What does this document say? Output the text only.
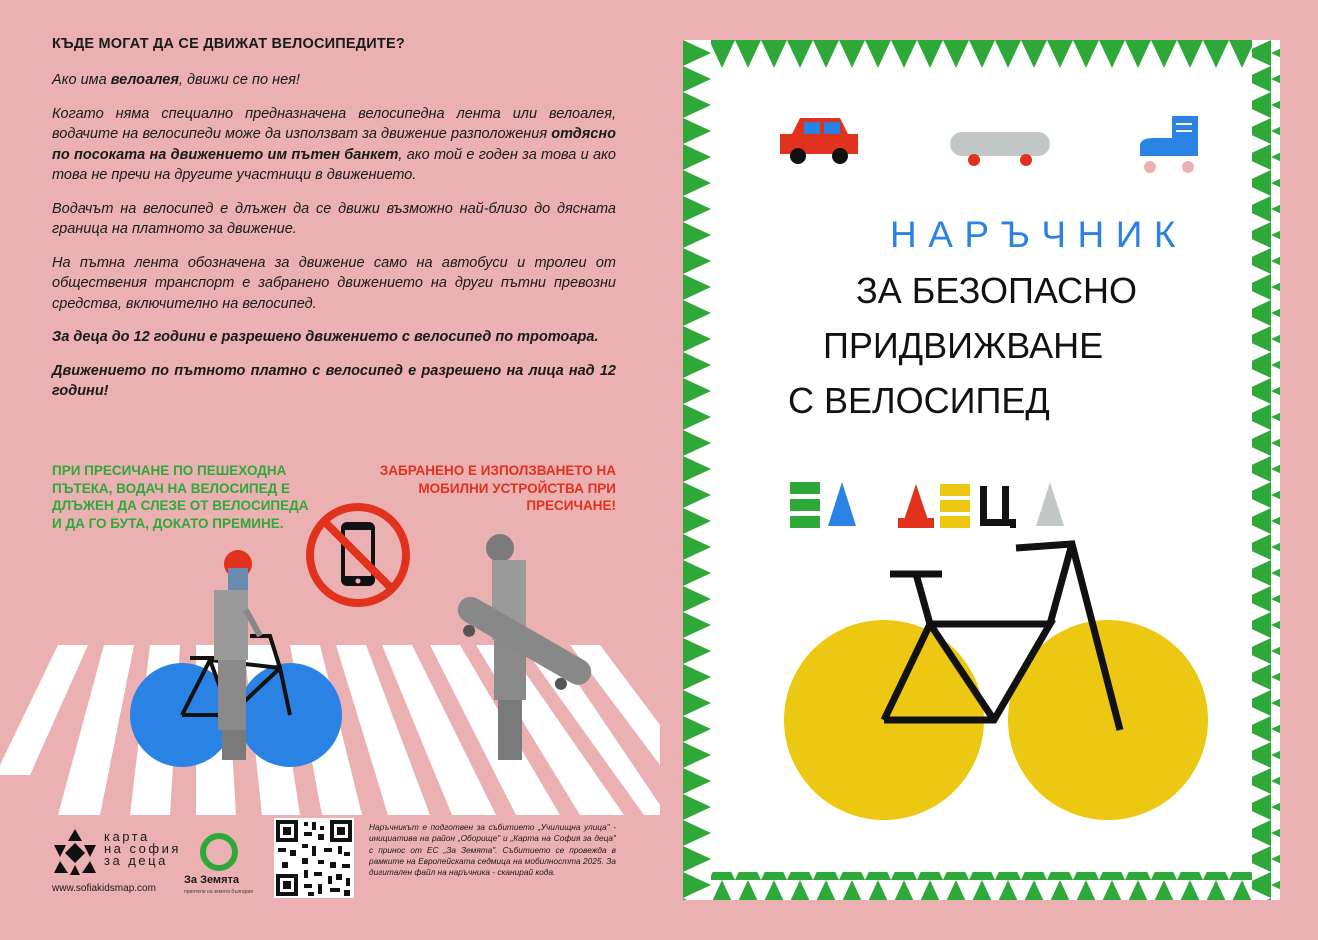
КЪДЕ МОГАТ ДА СЕ ДВИЖАТ ВЕЛОСИПЕДИТЕ?

Ако има велоалея, движи се по нея!

Когато няма специално предназначена велосипедна лента или велоалея, водачите на велосипеди може да използват за движение разположения отдясно по посоката на движението им пътен банкет, ако той е годен за това и ако това не пречи на другите участници в движението.

Водачът на велосипед е длъжен да се движи възможно най-близо до дясната граница на платното за движение.

На пътна лента обозначена за движение само на автобуси и тролеи от обществения транспорт е забранено движението на други пътни превозни средства, включително на велосипед.

За деца до 12 години е разрешено движението с велосипед по тротоара.

Движението по пътното платно с велосипед е разрешено на лица над 12 години!

ПРИ ПРЕСИЧАНЕ ПО ПЕШЕХОДНА ПЪТЕКА, ВОДАЧ НА ВЕЛОСИПЕД Е ДЛЪЖЕН ДА СЛЕЗЕ ОТ ВЕЛОСИПЕДА И ДА ГО БУТА, ДОКАТО ПРЕМИНЕ.
ЗАБРАНЕНО Е ИЗПОЛЗВАНЕТО НА МОБИЛНИ УСТРОЙСТВА ПРИ ПРЕСИЧАНЕ!
карта
на софия
за деца
www.sofiakidsmap.com
За Земята
приятели на земята българия
Наръчникът е подготвен за събитието „Училищна улица" - инициатива на район „Оборище" и „Карта на София за деца" с принос от ЕС „За Земята". Събитието се провежда в рамките на Европейската седмица на мобилността 2025. За дигитален файл на наръчника - сканирай кода.
НАРЪЧНИК
ЗА БЕЗОПАСНО
ПРИДВИЖВАНЕ
С ВЕЛОСИПЕД
